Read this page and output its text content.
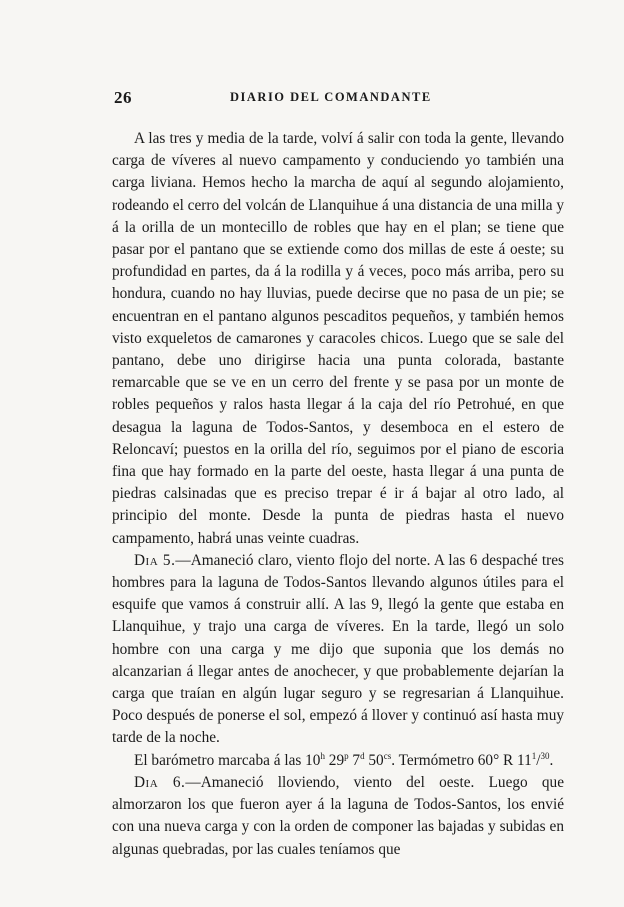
26	DIARIO DEL COMANDANTE

A las tres y media de la tarde, volví á salir con toda la gente, llevando carga de víveres al nuevo campamento y conduciendo yo también una carga liviana. Hemos hecho la marcha de aquí al segundo alojamiento, rodeando el cerro del volcán de Llanquihue á una distancia de una milla y á la orilla de un montecillo de robles que hay en el plan; se tiene que pasar por el pantano que se extiende como dos millas de este á oeste; su profundidad en partes, da á la rodilla y á veces, poco más arriba, pero su hondura, cuando no hay lluvias, puede decirse que no pasa de un pie; se encuentran en el pantano algunos pescaditos pequeños, y también hemos visto exqueletos de camarones y caracoles chicos. Luego que se sale del pantano, debe uno dirigirse hacia una punta colorada, bastante remarcable que se ve en un cerro del frente y se pasa por un monte de robles pequeños y ralos hasta llegar á la caja del río Petrohué, en que desagua la laguna de Todos-Santos, y desemboca en el estero de Reloncaví; puestos en la orilla del río, seguimos por el piano de escoria fina que hay formado en la parte del oeste, hasta llegar á una punta de piedras calsinadas que es preciso trepar é ir á bajar al otro lado, al principio del monte. Desde la punta de piedras hasta el nuevo campamento, habrá unas veinte cuadras.

Dia 5.—Amaneció claro, viento flojo del norte. A las 6 despaché tres hombres para la laguna de Todos-Santos llevando algunos útiles para el esquife que vamos á construir allí. A las 9, llegó la gente que estaba en Llanquihue, y trajo una carga de víveres. En la tarde, llegó un solo hombre con una carga y me dijo que suponia que los demás no alcanzarian á llegar antes de anochecer, y que probablemente dejarían la carga que traían en algún lugar seguro y se regresarian á Llanquihue. Poco después de ponerse el sol, empezó á llover y continuó así hasta muy tarde de la noche.

El barómetro marcaba á las 10$^h$ 29$^p$ 7$^d$ $50^{cs}$. Termómetro 60° R $11^1/^{30}$.

Dia 6.—Amaneció lloviendo, viento del oeste. Luego que almorzaron los que fueron ayer á la laguna de Todos-Santos, los envié con una nueva carga y con la orden de componer las bajadas y subidas en algunas quebradas, por las cuales teníamos que
